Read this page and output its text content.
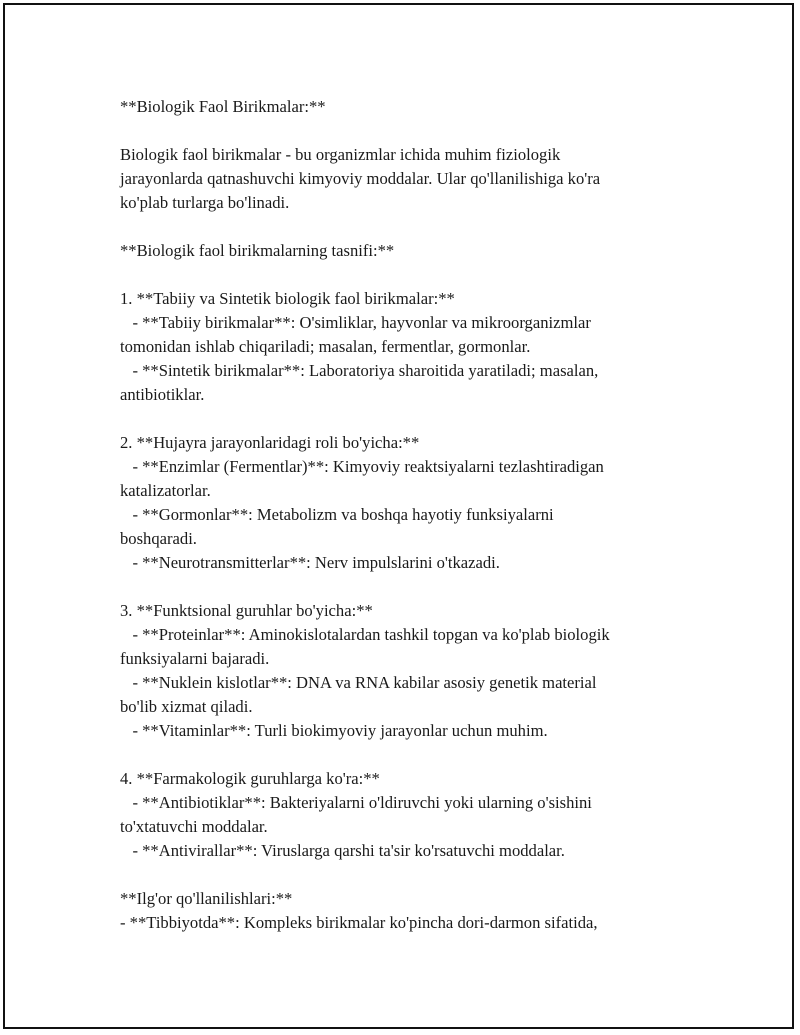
**Biologik Faol Birikmalar:**
Biologik faol birikmalar - bu organizmlar ichida muhim fiziologik
jarayonlarda qatnashuvchi kimyoviy moddalar. Ular qo'llanilishiga ko'ra
ko'plab turlarga bo'linadi.
**Biologik faol birikmalarning tasnifi:**
1. **Tabiiy va Sintetik biologik faol birikmalar:**
- **Tabiiy birikmalar**: O'simliklar, hayvonlar va mikroorganizmlar
tomonidan ishlab chiqariladi; masalan, fermentlar, gormonlar.
- **Sintetik birikmalar**: Laboratoriya sharoitida yaratiladi; masalan,
antibiotiklar.
2. **Hujayra jarayonlaridagi roli bo'yicha:**
- **Enzimlar (Fermentlar)**: Kimyoviy reaktsiyalarni tezlashtiradigan
katalizatorlar.
- **Gormonlar**: Metabolizm va boshqa hayotiy funksiyalarni
boshqaradi.
- **Neurotransmitterlar**: Nerv impulslarini o'tkazadi.
3. **Funktsional guruhlar bo'yicha:**
- **Proteinlar**: Aminokislotalardan tashkil topgan va ko'plab biologik
funksiyalarni bajaradi.
- **Nuklein kislotlar**: DNA va RNA kabilar asosiy genetik material
bo'lib xizmat qiladi.
- **Vitaminlar**: Turli biokimyoviy jarayonlar uchun muhim.
4. **Farmakologik guruhlarga ko'ra:**
- **Antibiotiklar**: Bakteriyalarni o'ldiruvchi yoki ularning o'sishini
to'xtatuvchi moddalar.
- **Antivirallar**: Viruslarga qarshi ta'sir ko'rsatuvchi moddalar.
**Ilg'or qo'llanilishlari:**
- **Tibbiyotda**: Kompleks birikmalar ko'pincha dori-darmon sifatida,
